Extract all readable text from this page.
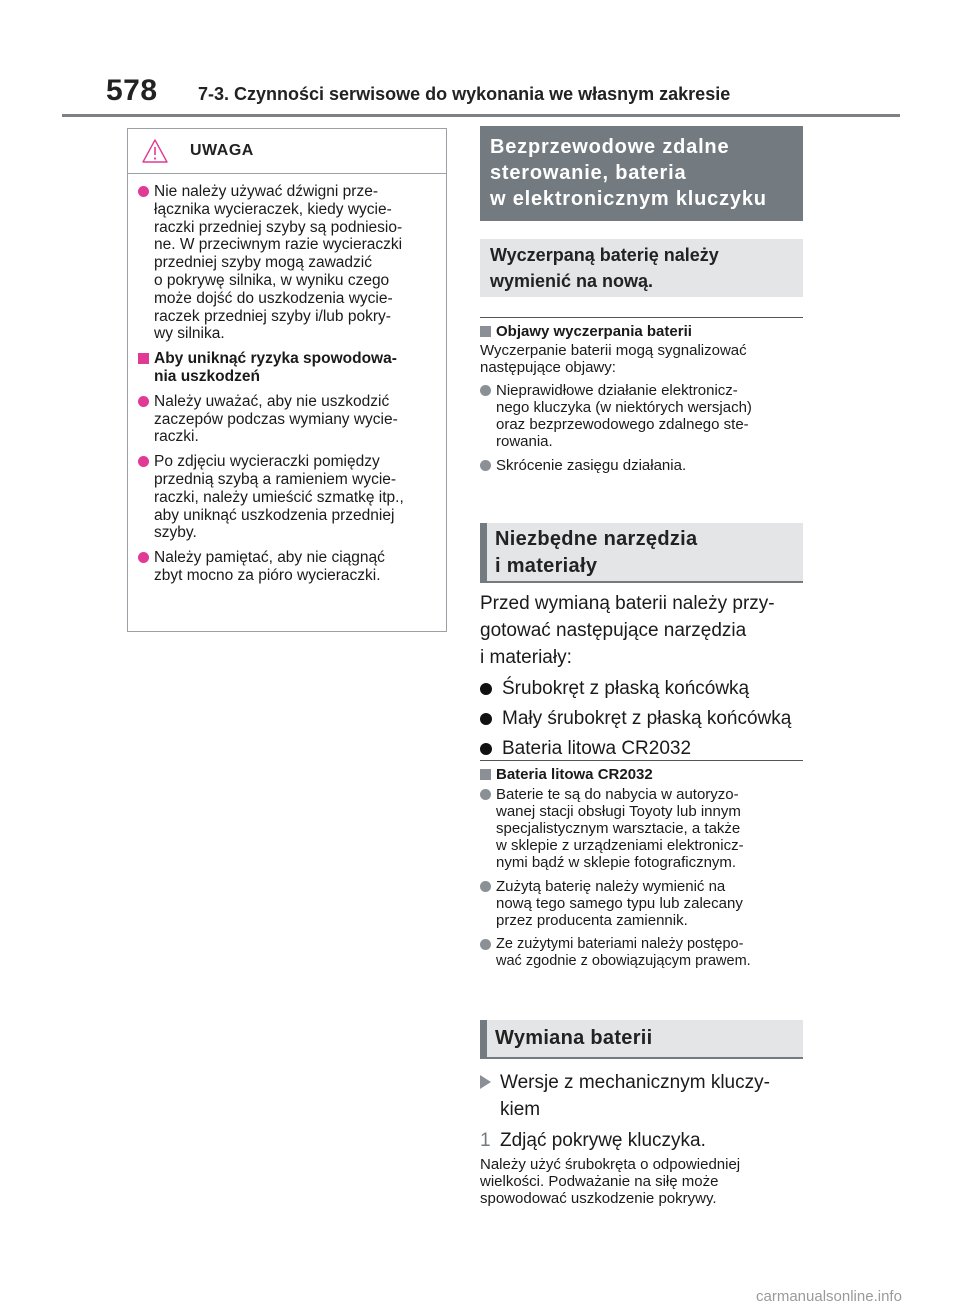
578 7-3. Czynności serwisowe do wykonania we własnym zakresie
UWAGA
Nie należy używać dźwigni prze-
łącznika wycieraczek, kiedy wycie-
raczki przedniej szyby są podniesio-
ne. W przeciwnym razie wycieraczki
przedniej szyby mogą zawadzić
o pokrywę silnika, w wyniku czego
może dojść do uszkodzenia wycie-
raczek przedniej szyby i/lub pokry-
wy silnika.
Aby uniknąć ryzyka spowodowa-
nia uszkodzeń
Należy uważać, aby nie uszkodzić
zaczepów podczas wymiany wycie-
raczki.
Po zdjęciu wycieraczki pomiędzy
przednią szybą a ramieniem wycie-
raczki, należy umieścić szmatkę itp.,
aby uniknąć uszkodzenia przedniej
szyby.
Należy pamiętać, aby nie ciągnąć
zbyt mocno za pióro wycieraczki.
Bezprzewodowe zdalne
sterowanie, bateria
w elektronicznym kluczyku
Wyczerpaną baterię należy
wymienić na nową.
Objawy wyczerpania baterii
Wyczerpanie baterii mogą sygnalizować
następujące objawy:
Nieprawidłowe działanie elektronicz-
nego kluczyka (w niektórych wersjach)
oraz bezprzewodowego zdalnego ste-
rowania.
Skrócenie zasięgu działania.
Niezbędne narzędzia
i materiały
Przed wymianą baterii należy przy-
gotować następujące narzędzia
i materiały:
Śrubokręt z płaską końcówką
Mały śrubokręt z płaską końcówką
Bateria litowa CR2032
Bateria litowa CR2032
Baterie te są do nabycia w autoryzo-
wanej stacji obsługi Toyoty lub innym
specjalistycznym warsztacie, a także
w sklepie z urządzeniami elektronicz-
nymi bądź w sklepie fotograficznym.
Zużytą baterię należy wymienić na
nową tego samego typu lub zalecany
przez producenta zamiennik.
Ze zużytymi bateriami należy postępo-
wać zgodnie z obowiązującym prawem.
Wymiana baterii
Wersje z mechanicznym kluczy-
kiem
1 Zdjąć pokrywę kluczyka.
Należy użyć śrubokręta o odpowiedniej
wielkości. Podważanie na siłę może
spowodować uszkodzenie pokrywy.
carmanualsonline.info
